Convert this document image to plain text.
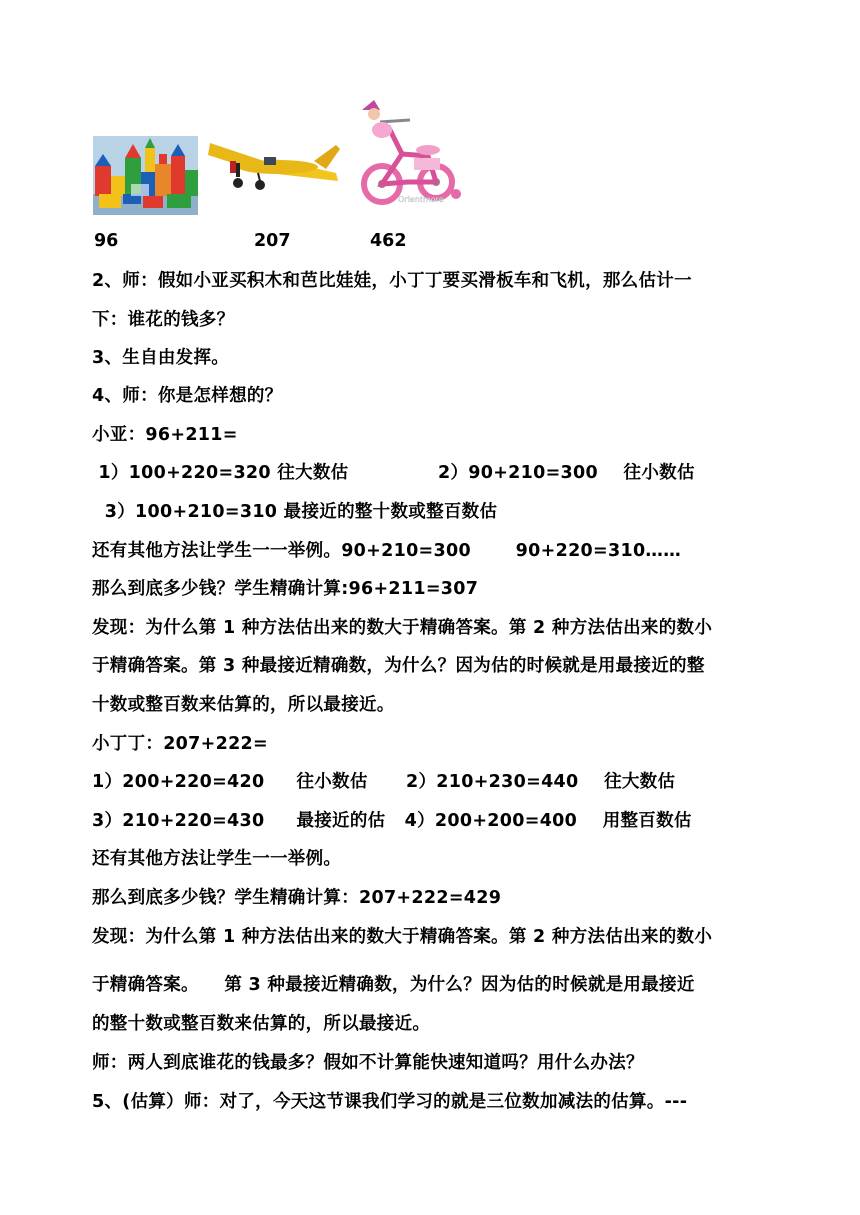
Orientmore
96	207	462
2、师：假如小亚买积木和芭比娃娃，小丁丁要买滑板车和飞机，那么估计一
下：谁花的钱多？
3、生自由发挥。
4、师：你是怎样想的？
小亚：96+211=
1）100+220=320 往大数估              2）90+210=300    往小数估
3）100+210=310 最接近的整十数或整百数估
还有其他方法让学生一一举例。90+210=300       90+220=310……
那么到底多少钱？学生精确计算:96+211=307
发现：为什么第 1 种方法估出来的数大于精确答案。第 2 种方法估出来的数小
于精确答案。第 3 种最接近精确数，为什么？因为估的时候就是用最接近的整
十数或整百数来估算的，所以最接近。
小丁丁：207+222=
1）200+220=420     往小数估      2）210+230=440    往大数估
3）210+220=430     最接近的估   4）200+200=400    用整百数估
还有其他方法让学生一一举例。
那么到底多少钱？学生精确计算：207+222=429
发现：为什么第 1 种方法估出来的数大于精确答案。第 2 种方法估出来的数小
于精确答案。    第 3 种最接近精确数，为什么？因为估的时候就是用最接近
的整十数或整百数来估算的，所以最接近。
师：两人到底谁花的钱最多？假如不计算能快速知道吗？用什么办法？
5、(估算）师：对了，今天这节课我们学习的就是三位数加减法的估算。---
